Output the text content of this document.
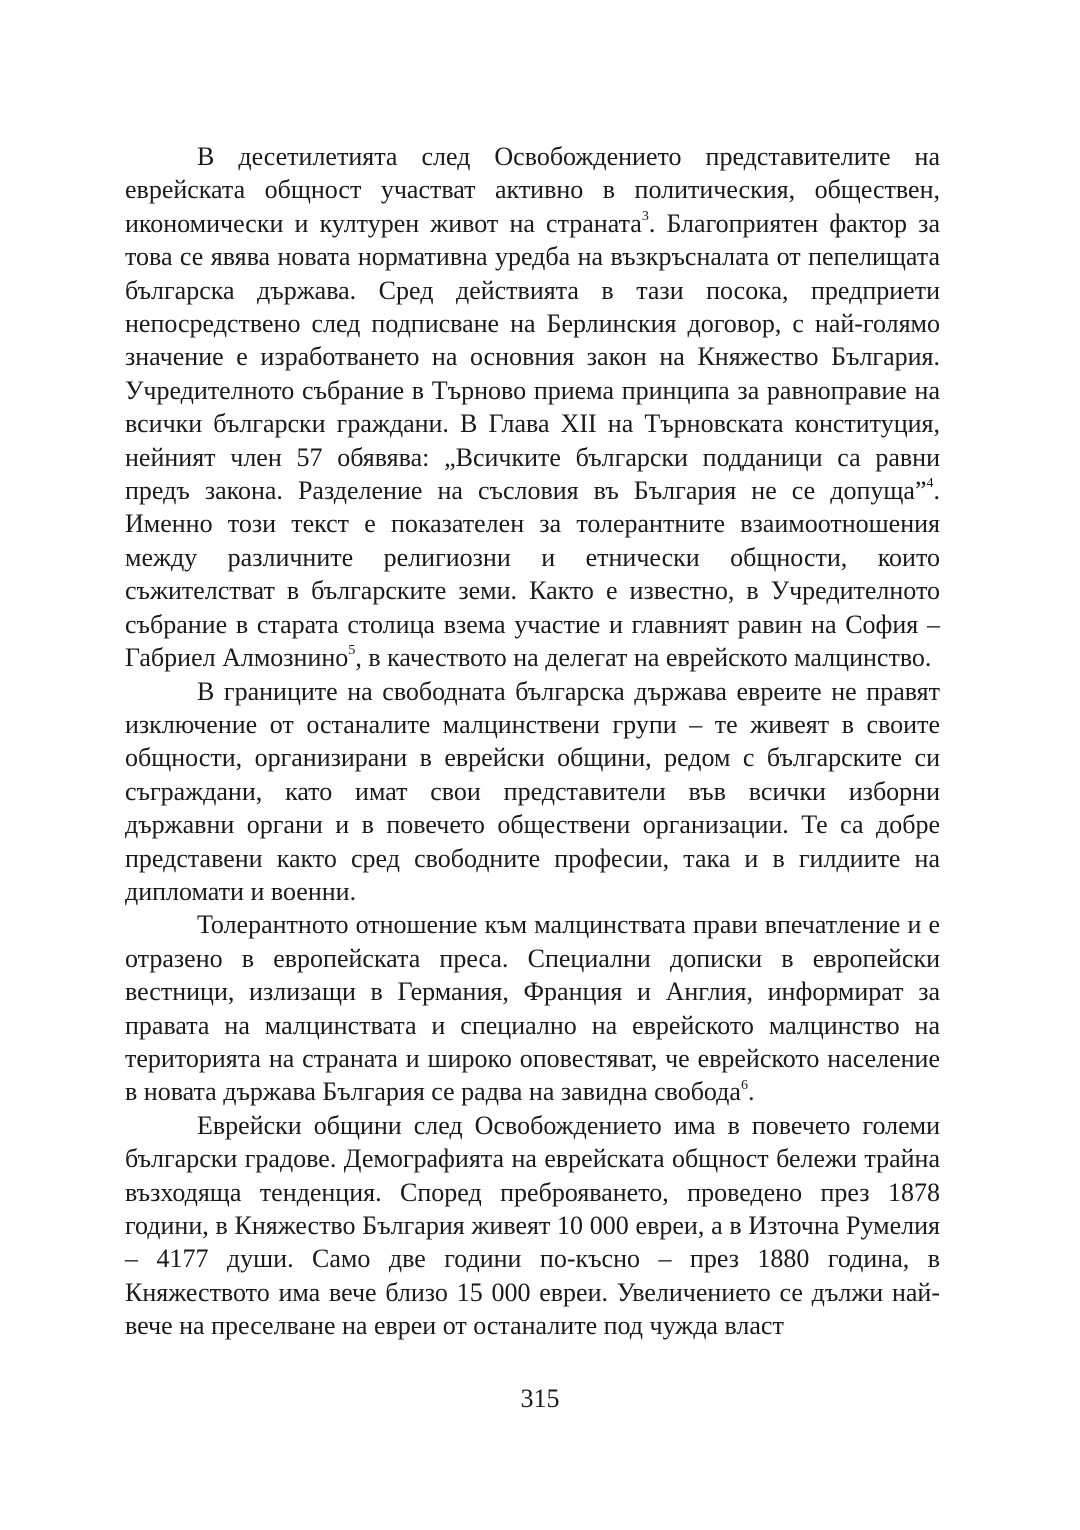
В десетилетията след Освобождението представителите на еврейската общност участват активно в политическия, обществен, икономически и културен живот на страната$^3$. Благоприятен фактор за това се явява новата нормативна уредба на възкръсналата от пепелищата българска държава. Сред действията в тази посока, предприети непосредствено след подписване на Берлинския договор, с най-голямо значение е изработването на основния закон на Княжество България. Учредителното събрание в Търново приема принципа за равноправие на всички български граждани. В Глава XII на Търновската конституция, нейният член 57 обявява: „Всичките български подданици са равни предъ закона. Разделение на съсловия въ България не се допуща”$^4$. Именно този текст е показателен за толерантните взаимоотношения между различните религиозни и етнически общности, които съжителстват в българските земи. Както е известно, в Учредителното събрание в старата столица взема участие и главният равин на София – Габриел Алмознино$^5$, в качеството на делегат на еврейското малцинство.

В границите на свободната българска държава евреите не правят изключение от останалите малцинствени групи – те живеят в своите общности, организирани в еврейски общини, редом с българските си съграждани, като имат свои представители във всички изборни държавни органи и в повечето обществени организации. Те са добре представени както сред свободните професии, така и в гилдиите на дипломати и военни.

Толерантното отношение към малцинствата прави впечатление и е отразено в европейската преса. Специални дописки в европейски вестници, излизащи в Германия, Франция и Англия, информират за правата на малцинствата и специално на еврейското малцинство на територията на страната и широко оповестяват, че еврейското население в новата държава България се радва на завидна свобода$^6$.

Еврейски общини след Освобождението има в повечето големи български градове. Демографията на еврейската общност бележи трайна възходяща тенденция. Според преброяването, проведено през 1878 години, в Княжество България живеят 10 000 евреи, а в Източна Румелия – 4177 души. Само две години по-късно – през 1880 година, в Княжеството има вече близо 15 000 евреи. Увеличението се дължи най-вече на преселване на евреи от останалите под чужда власт

315
